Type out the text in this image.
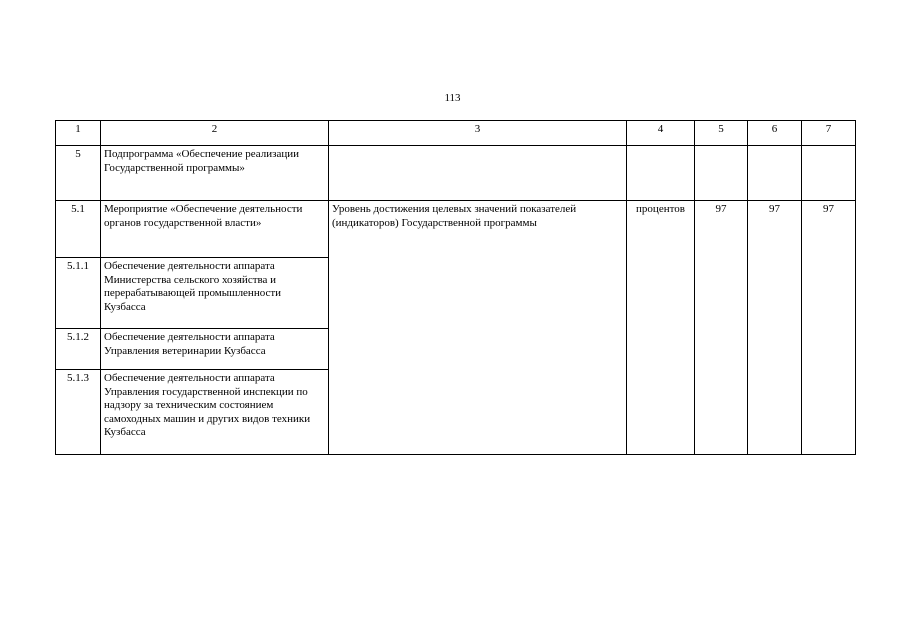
113
1	2	3	4	5	6	7
5	Подпрограмма «Обеспечение реализации Государственной программы»					
5.1	Мероприятие «Обеспечение деятельности органов государственной власти»	Уровень достижения целевых значений показателей (индикаторов) Государственной программы	процентов	97	97	97
5.1.1	Обеспечение деятельности аппарата Министерства сельского хозяйства и перерабатывающей промышленности Кузбасса					
5.1.2	Обеспечение деятельности аппарата Управления ветеринарии Кузбасса					
5.1.3	Обеспечение деятельности аппарата Управления государственной инспекции по надзору за техническим состоянием самоходных машин и других видов техники Кузбасса					
